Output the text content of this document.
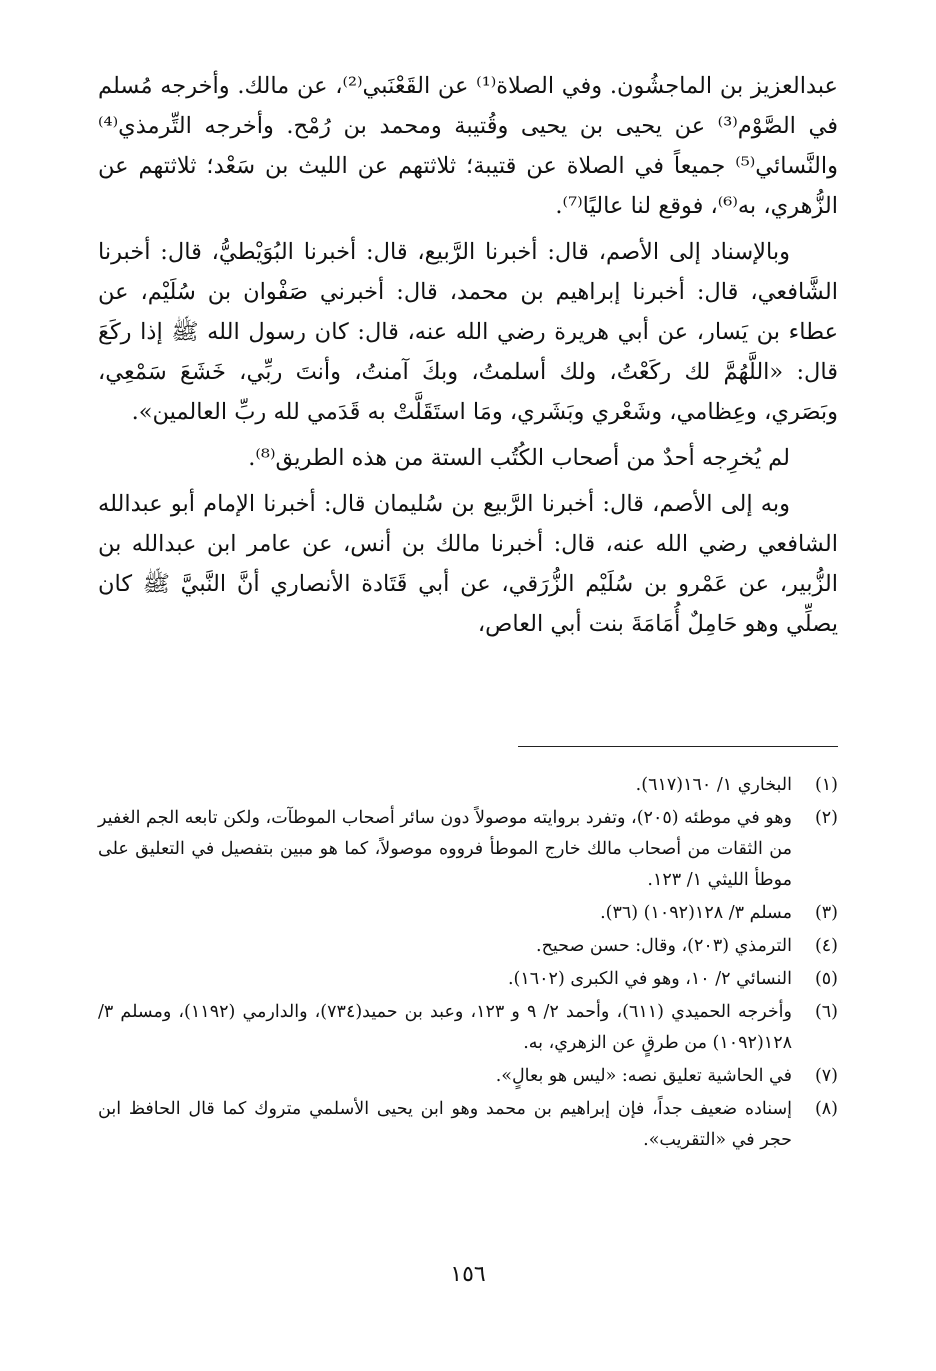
عبدالعزيز بن الماجشُون. وفي الصلاة⁽¹⁾ عن القَعْنَبي⁽²⁾، عن مالك. وأخرجه مُسلم في الصَّوْم⁽³⁾ عن يحيى بن يحيى وقُتيبة ومحمد بن رُمْح. وأخرجه التِّرمذي⁽⁴⁾ والنَّسائي⁽⁵⁾ جميعاً في الصلاة عن قتيبة؛ ثلاثتهم عن الليث بن سَعْد؛ ثلاثتهم عن الزُّهري، به⁽⁶⁾، فوقع لنا عاليًا⁽⁷⁾.

وبالإسناد إلى الأصم، قال: أخبرنا الرَّبيع، قال: أخبرنا البُوَيْطيُّ، قال: أخبرنا الشَّافعي، قال: أخبرنا إبراهيم بن محمد، قال: أخبرني صَفْوان بن سُلَيْم، عن عطاء بن يَسار، عن أبي هريرة رضي الله عنه، قال: كان رسول الله ﷺ إذا ركَعَ قال: «اللَّهُمَّ لك ركَعْتُ، ولك أسلمتُ، وبكَ آمنتُ، وأنتَ ربِّي، خَشَعَ سَمْعِي، وبَصَري، وعِظامي، وشَعْري وبَشَري، ومَا استَقَلَّتْ به قَدَمي لله ربِّ العالمين».

لم يُخرِجه أحدٌ من أصحاب الكُتُب الستة من هذه الطريق⁽⁸⁾.

وبه إلى الأصم، قال: أخبرنا الرَّبيع بن سُليمان قال: أخبرنا الإمام أبو عبدالله الشافعي رضي الله عنه، قال: أخبرنا مالك بن أنس، عن عامر ابن عبدالله بن الزُّبير، عن عَمْرو بن سُلَيْم الزُّرَقي، عن أبي قَتَادة الأنصاري أنَّ النَّبيَّ ﷺ كان يصلِّي وهو حَامِلٌ أُمَامَةَ بنت أبي العاص،

(١)
البخاري ١/ ١٦٠(٦١٧).
(٢)
وهو في موطئه (٢٠٥)، وتفرد بروايته موصولاً دون سائر أصحاب الموطآت، ولكن تابعه الجم الغفير من الثقات من أصحاب مالك خارج الموطأ فرووه موصولاً، كما هو مبين بتفصيل في التعليق على موطأ الليثي ١/ ١٢٣.
(٣)
مسلم ٣/ ١٢٨(١٠٩٢) (٣٦).
(٤)
الترمذي (٢٠٣)، وقال: حسن صحيح.
(٥)
النسائي ٢/ ١٠، وهو في الكبرى (١٦٠٢).
(٦)
وأخرجه الحميدي (٦١١)، وأحمد ٢/ ٩ و ١٢٣، وعبد بن حميد(٧٣٤)، والدارمي (١١٩٢)، ومسلم ٣/ ١٢٨(١٠٩٢) من طرقٍ عن الزهري، به.
(٧)
في الحاشية تعليق نصه: «ليس هو بعالٍ».
(٨)
إسناده ضعيف جداً، فإن إبراهيم بن محمد وهو ابن يحيى الأسلمي متروك كما قال الحافظ ابن حجر في «التقريب».
١٥٦
